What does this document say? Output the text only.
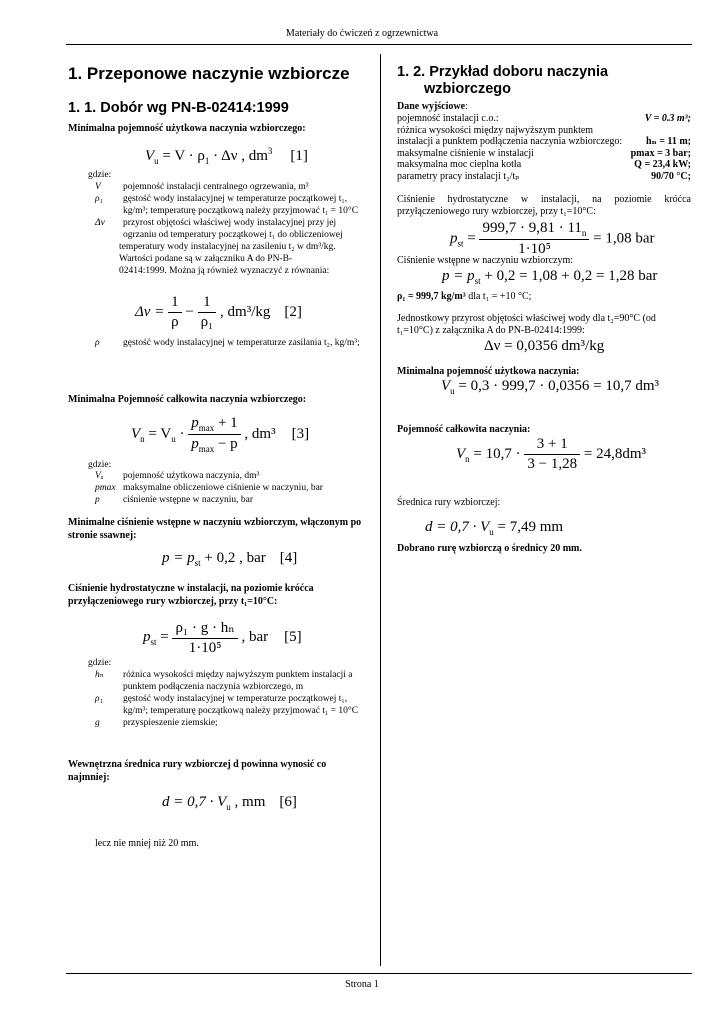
Materiały do ćwiczeń z ogrzewnictwa
Strona 1
1. Przeponowe naczynie wzbiorcze
1. 1. Dobór wg PN-B-02414:1999
Minimalna pojemność użytkowa naczynia wzbiorczego:
$V_u = V \cdot \rho_1 \cdot \Delta\nu$ , $dm^3$ [1]
gdzie:
V pojemność instalacji centralnego ogrzewania, m³
ρ₁ gęstość wody instalacyjnej w temperaturze początkowej t₁, kg/m³; temperaturę początkową należy przyjmować t₁ = 10°C
Δv przyrost objętości właściwej wody instalacyjnej przy jej ogrzaniu od temperatury początkowej t₁ do obliczeniowej
temperatury wody instalacyjnej na zasileniu t₂ w dm³/kg. Wartości podane są w załączniku A do PN-B-02414:1999. Można ją również wyznaczyć z równania:
$\Delta\nu = \frac{1}{\rho} - \frac{1}{\text{ρ₁}}$ , dm³/kg [2]
ρ gęstość wody instalacyjnej w temperaturze zasilania t₂, kg/m³;
Minimalna Pojemność całkowita naczynia wzbiorczego:
$V_n = V_u \cdot \frac{p_{max} + 1}{p_{max} - p}$ , dm³ [3]
gdzie:
Vᵤ pojemność użytkowa naczynia, dm³
pmax maksymalne obliczeniowe ciśnienie w naczyniu, bar
p ciśnienie wstępne w naczyniu, bar
Minimalne ciśnienie wstępne w naczyniu wzbiorczym, włączonym po stronie ssawnej:
$p = p_{st} + 0,2$ , bar [4]
Ciśnienie hydrostatyczne w instalacji, na poziomie króćca przyłączeniowego rury wzbiorczej, przy t₁=10°C:
$p_{st} = \frac{\text{ρ₁ · g · hₙ}}{\text{1·10⁵}}$ , bar [5]
gdzie:
hₙ różnica wysokości między najwyższym punktem instalacji a punktem podłączenia naczynia wzbiorczego, m
ρ₁ gęstość wody instalacyjnej w temperaturze początkowej t₁, kg/m³; temperaturę początkową należy przyjmować t₁ = 10°C
g przyspieszenie ziemskie;
Wewnętrzna średnica rury wzbiorczej d powinna wynosić co najmniej:
$d = 0,7 \cdot V_u$ , mm [6]
lecz nie mniej niż 20 mm.
1. 2. Przykład doboru naczynia
wzbiorczego
Dane wyjściowe:
pojemność instalacji c.o.:	V = 0.3 m³;
różnica wysokości między najwyższym punktem
instalacji a punktem podłączenia naczynia wzbiorczego: hₙ = 11 m;
maksymalne ciśnienie w instalacji	pmax = 3 bar;
maksymalna moc cieplna kotła	Q = 23,4 kW;
parametry pracy instalacji t₂/tₚ	90/70 °C;
Ciśnienie hydrostatyczne w instalacji, na poziomie króćca przyłączeniowego rury wzbiorczej, przy t₁=10°C:
$p_{st} = \frac{999,7 \cdot 9,81 \cdot 11_n}{\text{1·10⁵}} = 1,08$ bar
Ciśnienie wstępne w naczyniu wzbiorczym:
$p = p_{st} + 0,2 = 1,08 + 0,2 = 1,28$ bar
ρ₁ = 999,7 kg/m³ dla t₁ = +10 °C;
Jednostkowy przyrost objętości właściwej wody dla t₂=90°C (od t₁=10°C) z załącznika A do PN-B-02414:1999:
Δν = 0,0356 dm³/kg
Minimalna pojemność użytkowa naczynia:
$V_u = 0,3 \cdot 999,7 \cdot 0,0356 = 10,7$ dm³
Pojemność całkowita naczynia:
$V_n = 10,7 \cdot \frac{3 + 1}{3 - 1,28} = 24,8dm^3$
Średnica rury wzbiorczej:
$d = 0,7 \cdot V_u = 7,49$ mm
Dobrano rurę wzbiorczą o średnicy 20 mm.
